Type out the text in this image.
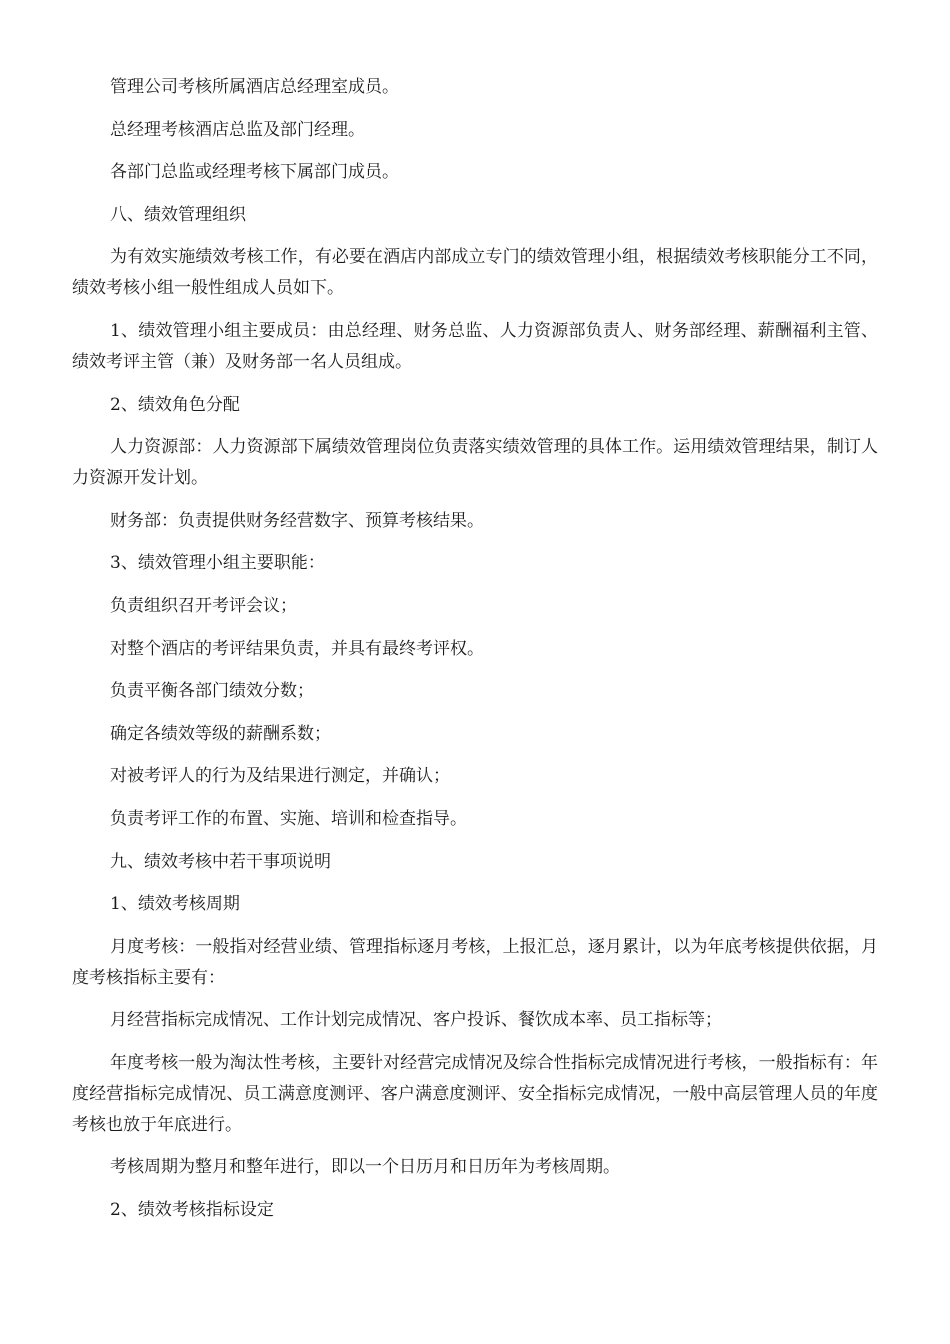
管理公司考核所属酒店总经理室成员。

总经理考核酒店总监及部门经理。

各部门总监或经理考核下属部门成员。

八、绩效管理组织

为有效实施绩效考核工作，有必要在酒店内部成立专门的绩效管理小组，根据绩效考核职能分工不同，绩效考核小组一般性组成人员如下。

1、绩效管理小组主要成员：由总经理、财务总监、人力资源部负责人、财务部经理、薪酬福利主管、绩效考评主管（兼）及财务部一名人员组成。

2、绩效角色分配

人力资源部：人力资源部下属绩效管理岗位负责落实绩效管理的具体工作。运用绩效管理结果，制订人力资源开发计划。

财务部：负责提供财务经营数字、预算考核结果。

3、绩效管理小组主要职能：

负责组织召开考评会议；

对整个酒店的考评结果负责，并具有最终考评权。

负责平衡各部门绩效分数；

确定各绩效等级的薪酬系数；

对被考评人的行为及结果进行测定，并确认；

负责考评工作的布置、实施、培训和检查指导。

九、绩效考核中若干事项说明

1、绩效考核周期

月度考核：一般指对经营业绩、管理指标逐月考核，上报汇总，逐月累计，以为年底考核提供依据，月度考核指标主要有：

月经营指标完成情况、工作计划完成情况、客户投诉、餐饮成本率、员工指标等；

年度考核一般为淘汰性考核，主要针对经营完成情况及综合性指标完成情况进行考核，一般指标有：年度经营指标完成情况、员工满意度测评、客户满意度测评、安全指标完成情况，一般中高层管理人员的年度考核也放于年底进行。

考核周期为整月和整年进行，即以一个日历月和日历年为考核周期。

2、绩效考核指标设定
